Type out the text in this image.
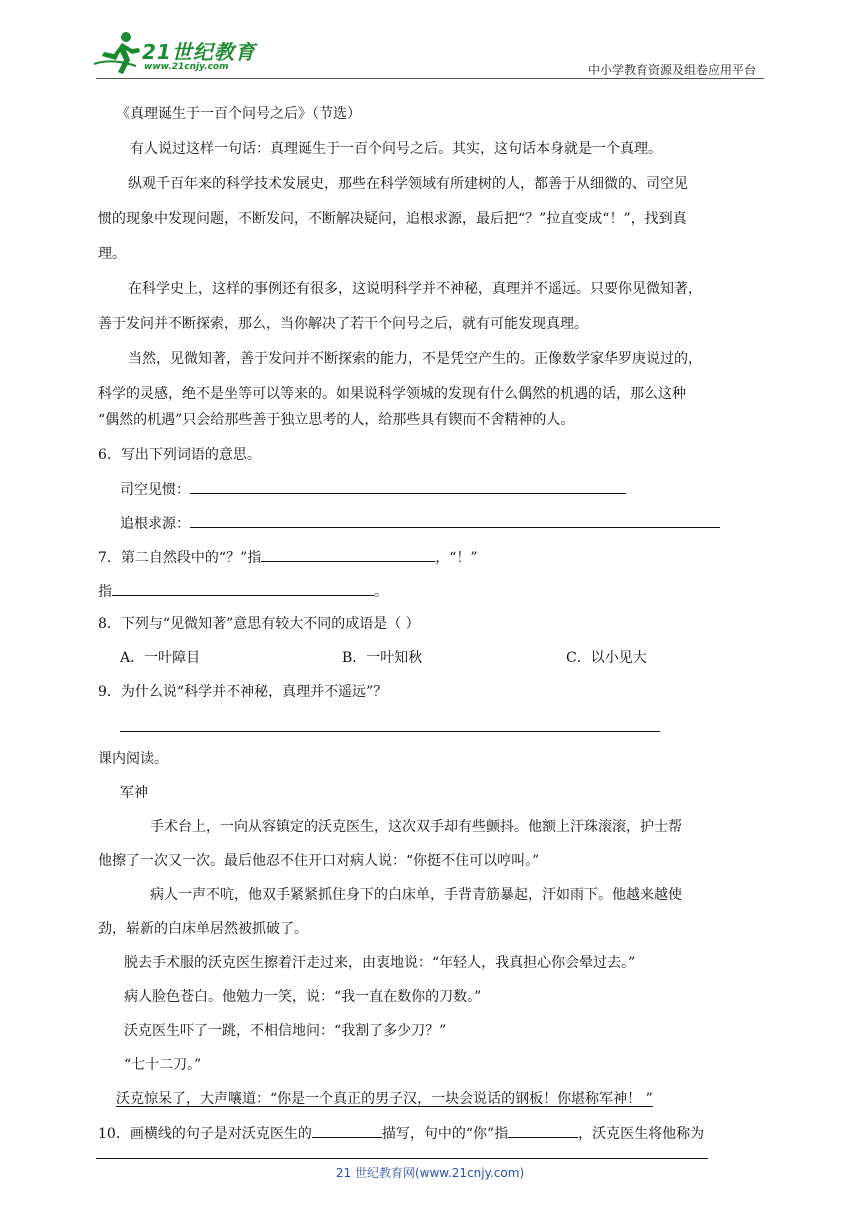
21世纪教育
www.21cnjy.com	中小学教育资源及组卷应用平台
《真理诞生于一百个问号之后》（节选）
有人说过这样一句话：真理诞生于一百个问号之后。其实，这句话本身就是一个真理。
纵观千百年来的科学技术发展史，那些在科学领域有所建树的人，都善于从细微的、司空见
惯的现象中发现问题，不断发问，不断解决疑问，追根求源，最后把“？”拉直变成“！”，找到真
理。
在科学史上，这样的事例还有很多，这说明科学并不神秘，真理并不遥远。只要你见微知著，
善于发问并不断探索，那么，当你解决了若干个问号之后，就有可能发现真理。
当然，见微知著，善于发问并不断探索的能力，不是凭空产生的。正像数学家华罗庚说过的，
科学的灵感，绝不是坐等可以等来的。如果说科学领城的发现有什么偶然的机遇的话，那么这种
“偶然的机遇”只会给那些善于独立思考的人，给那些具有锲而不舍精神的人。
6．写出下列词语的意思。
司空见惯：
追根求源：
7．第二自然段中的“？”指	，“！”
指	。
8．下列与“见微知著”意思有较大不同的成语是（ ）
A．一叶障目	B．一叶知秋	C．以小见大
9．为什么说“科学并不神秘，真理并不遥远”？
课内阅读。
军神
手术台上，一向从容镇定的沃克医生，这次双手却有些颤抖。他额上汗珠滚滚，护士帮
他擦了一次又一次。最后他忍不住开口对病人说：“你挺不住可以哼叫。”
病人一声不吭，他双手紧紧抓住身下的白床单，手背青筋暴起，汗如雨下。他越来越使
劲，崭新的白床单居然被抓破了。
脱去手术服的沃克医生擦着汗走过来，由衷地说：“年轻人，我真担心你会晕过去。”
病人脸色苍白。他勉力一笑，说：“我一直在数你的刀数。”
沃克医生吓了一跳，不相信地问：“我割了多少刀？”
“七十二刀。”
沃克惊呆了，大声嚷道：“你是一个真正的男子汉，一块会说话的钢板！你堪称军神！ ”
10．画横线的句子是对沃克医生的	描写，句中的“你”指	，沃克医生将他称为
21 世纪教育网(www.21cnjy.com)
